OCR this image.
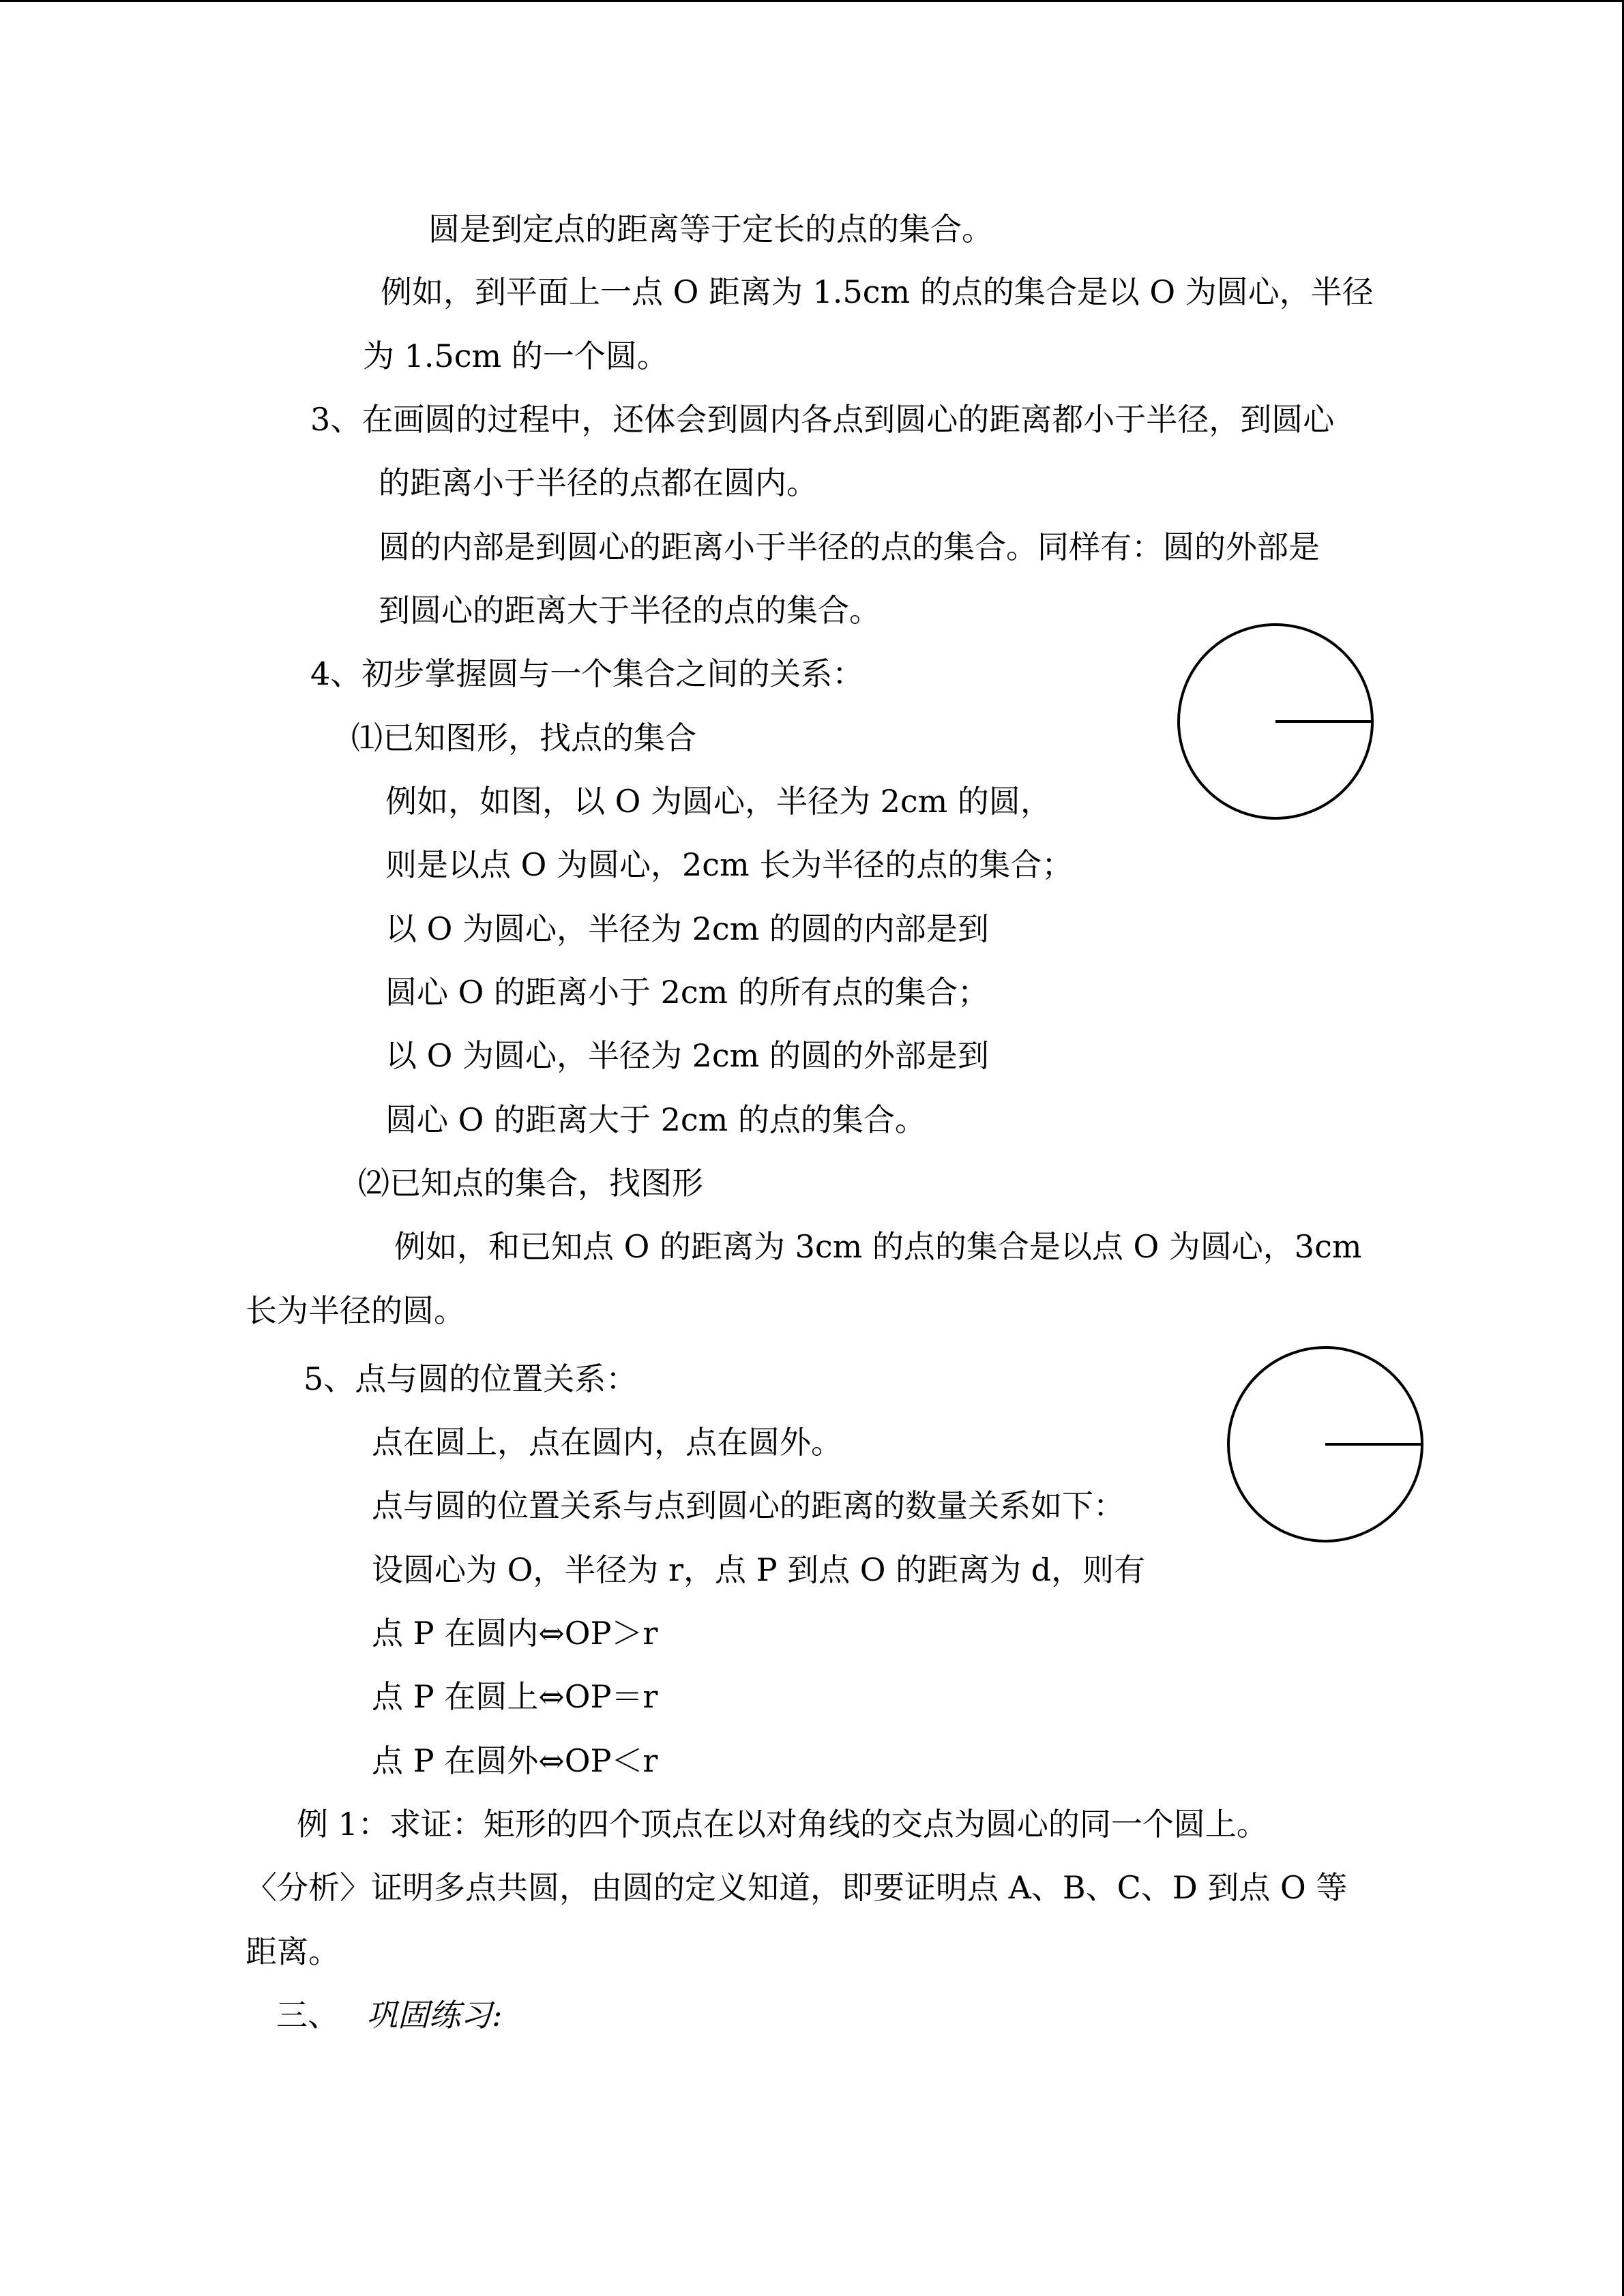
圆是到定点的距离等于定长的点的集合。
例如，到平面上一点 O 距离为 1.5cm 的点的集合是以 O 为圆心，半径
为 1.5cm 的一个圆。
3、在画圆的过程中，还体会到圆内各点到圆心的距离都小于半径，到圆心
的距离小于半径的点都在圆内。
圆的内部是到圆心的距离小于半径的点的集合。同样有：圆的外部是
到圆心的距离大于半径的点的集合。
4、初步掌握圆与一个集合之间的关系：
⑴已知图形，找点的集合
例如，如图，以 O 为圆心，半径为 2cm 的圆，
则是以点 O 为圆心，2cm 长为半径的点的集合；
以 O 为圆心，半径为 2cm 的圆的内部是到
圆心 O 的距离小于 2cm 的所有点的集合；
以 O 为圆心，半径为 2cm 的圆的外部是到
圆心 O 的距离大于 2cm 的点的集合。
⑵已知点的集合，找图形
例如，和已知点 O 的距离为 3cm 的点的集合是以点 O 为圆心，3cm
长为半径的圆。
5、点与圆的位置关系：
点在圆上，点在圆内，点在圆外。
点与圆的位置关系与点到圆心的距离的数量关系如下：
设圆心为 O，半径为 r，点 P 到点 O 的距离为 d，则有
点 P 在圆内⇔OP＞r
点 P 在圆上⇔OP＝r
点 P 在圆外⇔OP＜r
例 1：求证：矩形的四个顶点在以对角线的交点为圆心的同一个圆上。
〈分析〉证明多点共圆，由圆的定义知道，即要证明点 A、B、C、D 到点 O 等
距离。
三、 巩固练习:
